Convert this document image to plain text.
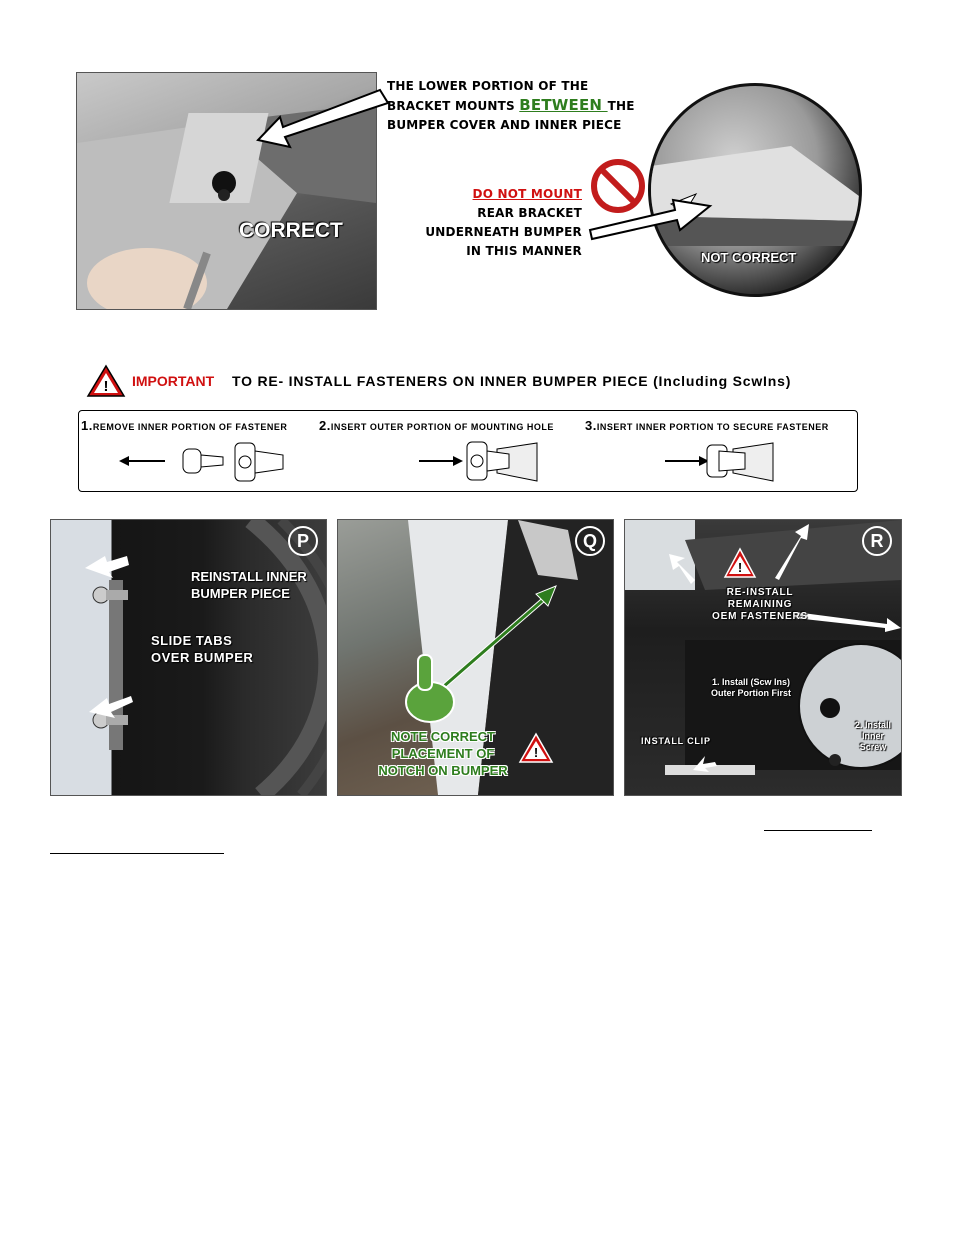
CORRECT
THE LOWER PORTION OF THE
BRACKET MOUNTS BETWEEN THE
BUMPER COVER AND INNER PIECE
NOT CORRECT
DO NOT MOUNT
REAR BRACKET
UNDERNEATH BUMPER
IN THIS MANNER
! IMPORTANT TO RE- INSTALL FASTENERS ON INNER BUMPER PIECE (Including ScwIns)
1.REMOVE INNER PORTION OF FASTENER 2.INSERT OUTER PORTION OF MOUNTING HOLE 3.INSERT INNER PORTION TO SECURE FASTENER
P
REINSTALL INNER
BUMPER PIECE
SLIDE TABS
OVER BUMPER
Q
!
NOTE CORRECT
PLACEMENT OF
NOTCH ON BUMPER
R
!
RE-INSTALL
REMAINING
OEM FASTENERS
1. Install (Scw Ins)
Outer Portion First
2. Install
Inner
Screw
INSTALL CLIP
